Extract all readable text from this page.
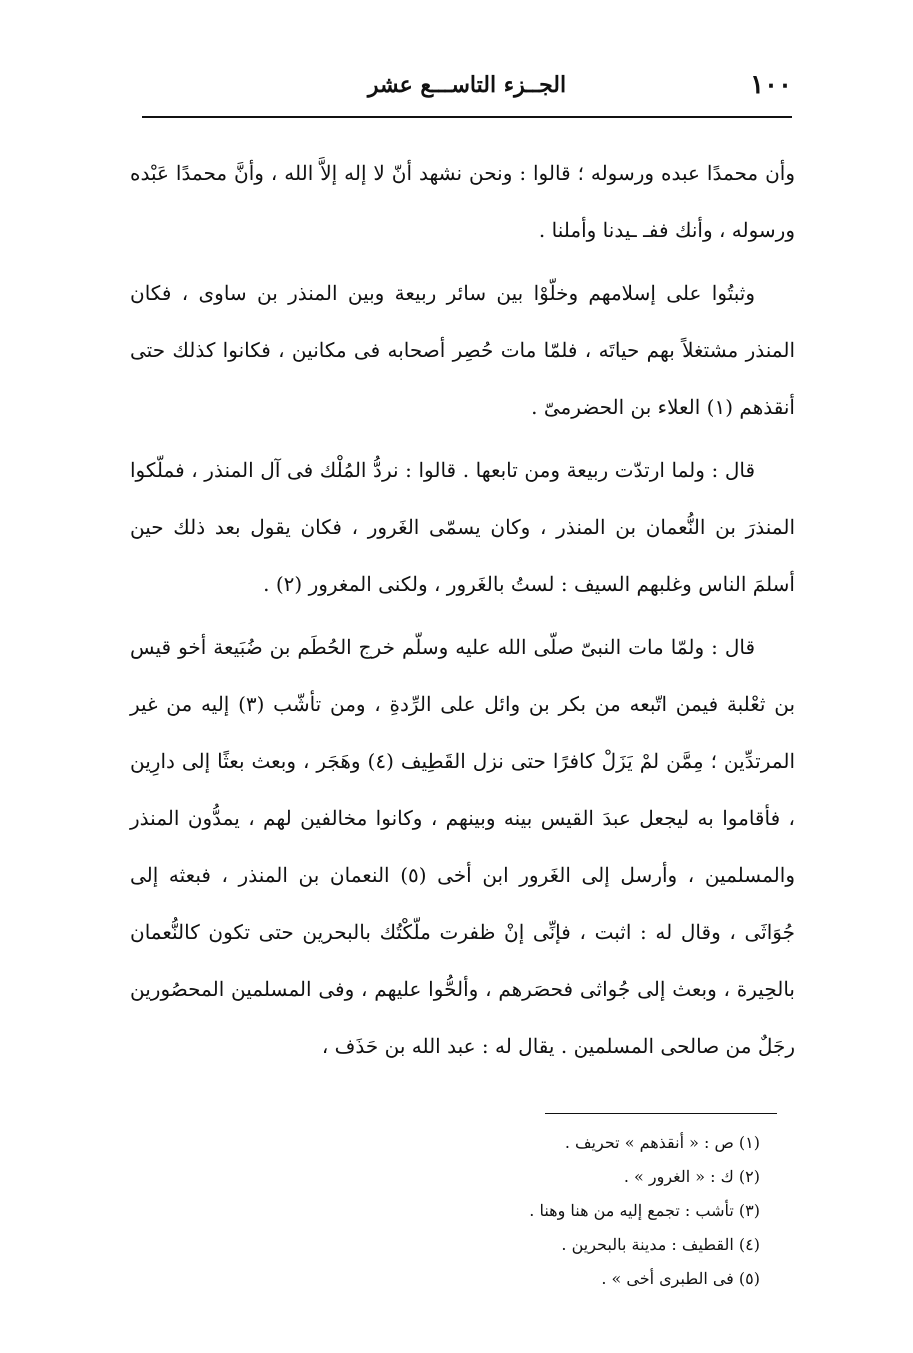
١٠٠
الجــزء التاســـع عشر

وأن محمدًا عبده ورسوله ؛ قالوا : ونحن نشهد أنّ لا إله إلاَّ الله ، وأنَّ محمدًا عَبْده ورسوله ، وأنك ففـ ـيدنا وأملنا .

وثبتُوا على إسلامهم وخلّوْا بين سائر ربيعة وبين المنذر بن ساوى ، فكان المنذر مشتغلاً بهم حياتَه ، فلمّا مات حُصِر أصحابه فى مكانين ، فكانوا كذلك حتى أنقذهم (١) العلاء بن الحضرمىّ .

قال : ولما ارتدّت ربيعة ومن تابعها . قالوا : نردُّ المُلْك فى آل المنذر ، فملّكوا المنذرَ بن النُّعمان بن المنذر ، وكان يسمّى الغَرور ، فكان يقول بعد ذلك حين أسلمَ الناس وغلبهم السيف : لستُ بالغَرور ، ولكنى المغرور (٢) .

قال : ولمّا مات النبىّ صلّى الله عليه وسلّم خرج الحُطَم بن ضُبَيعة أخو قيس بن ثعْلبة فيمن اتّبعه من بكر بن وائل على الرِّدةِ ، ومن تأشّب (٣) إليه من غير المرتدِّين ؛ مِمَّن لمْ يَزَلْ كافرًا حتى نزل القَطِيف (٤) وهَجَر ، وبعث بعثًا إلى دارِين ، فأقاموا به ليجعل عبدَ القيس بينه وبينهم ، وكانوا مخالفين لهم ، يمدُّون المنذر والمسلمين ، وأرسل إلى الغَرور ابن أخى (٥) النعمان بن المنذر ، فبعثه إلى جُوَاثَى ، وقال له : اثبت ، فإنِّى إنْ ظفرت ملّكْتُك بالبحرين حتى تكون كالنُّعمان بالحِيرة ، وبعث إلى جُواثى فحصَرهم ، وألحُّوا عليهم ، وفى المسلمين المحصُورين رجَلٌ من صالحى المسلمين . يقال له : عبد الله بن حَذَف ،

(١) ص : « أنقذهم » تحريف .

(٢) ك : « الغرور » .

(٣) تأشب : تجمع إليه من هنا وهنا .

(٤) القطيف : مدينة بالبحرين .

(٥) فى الطبرى أخى » .
